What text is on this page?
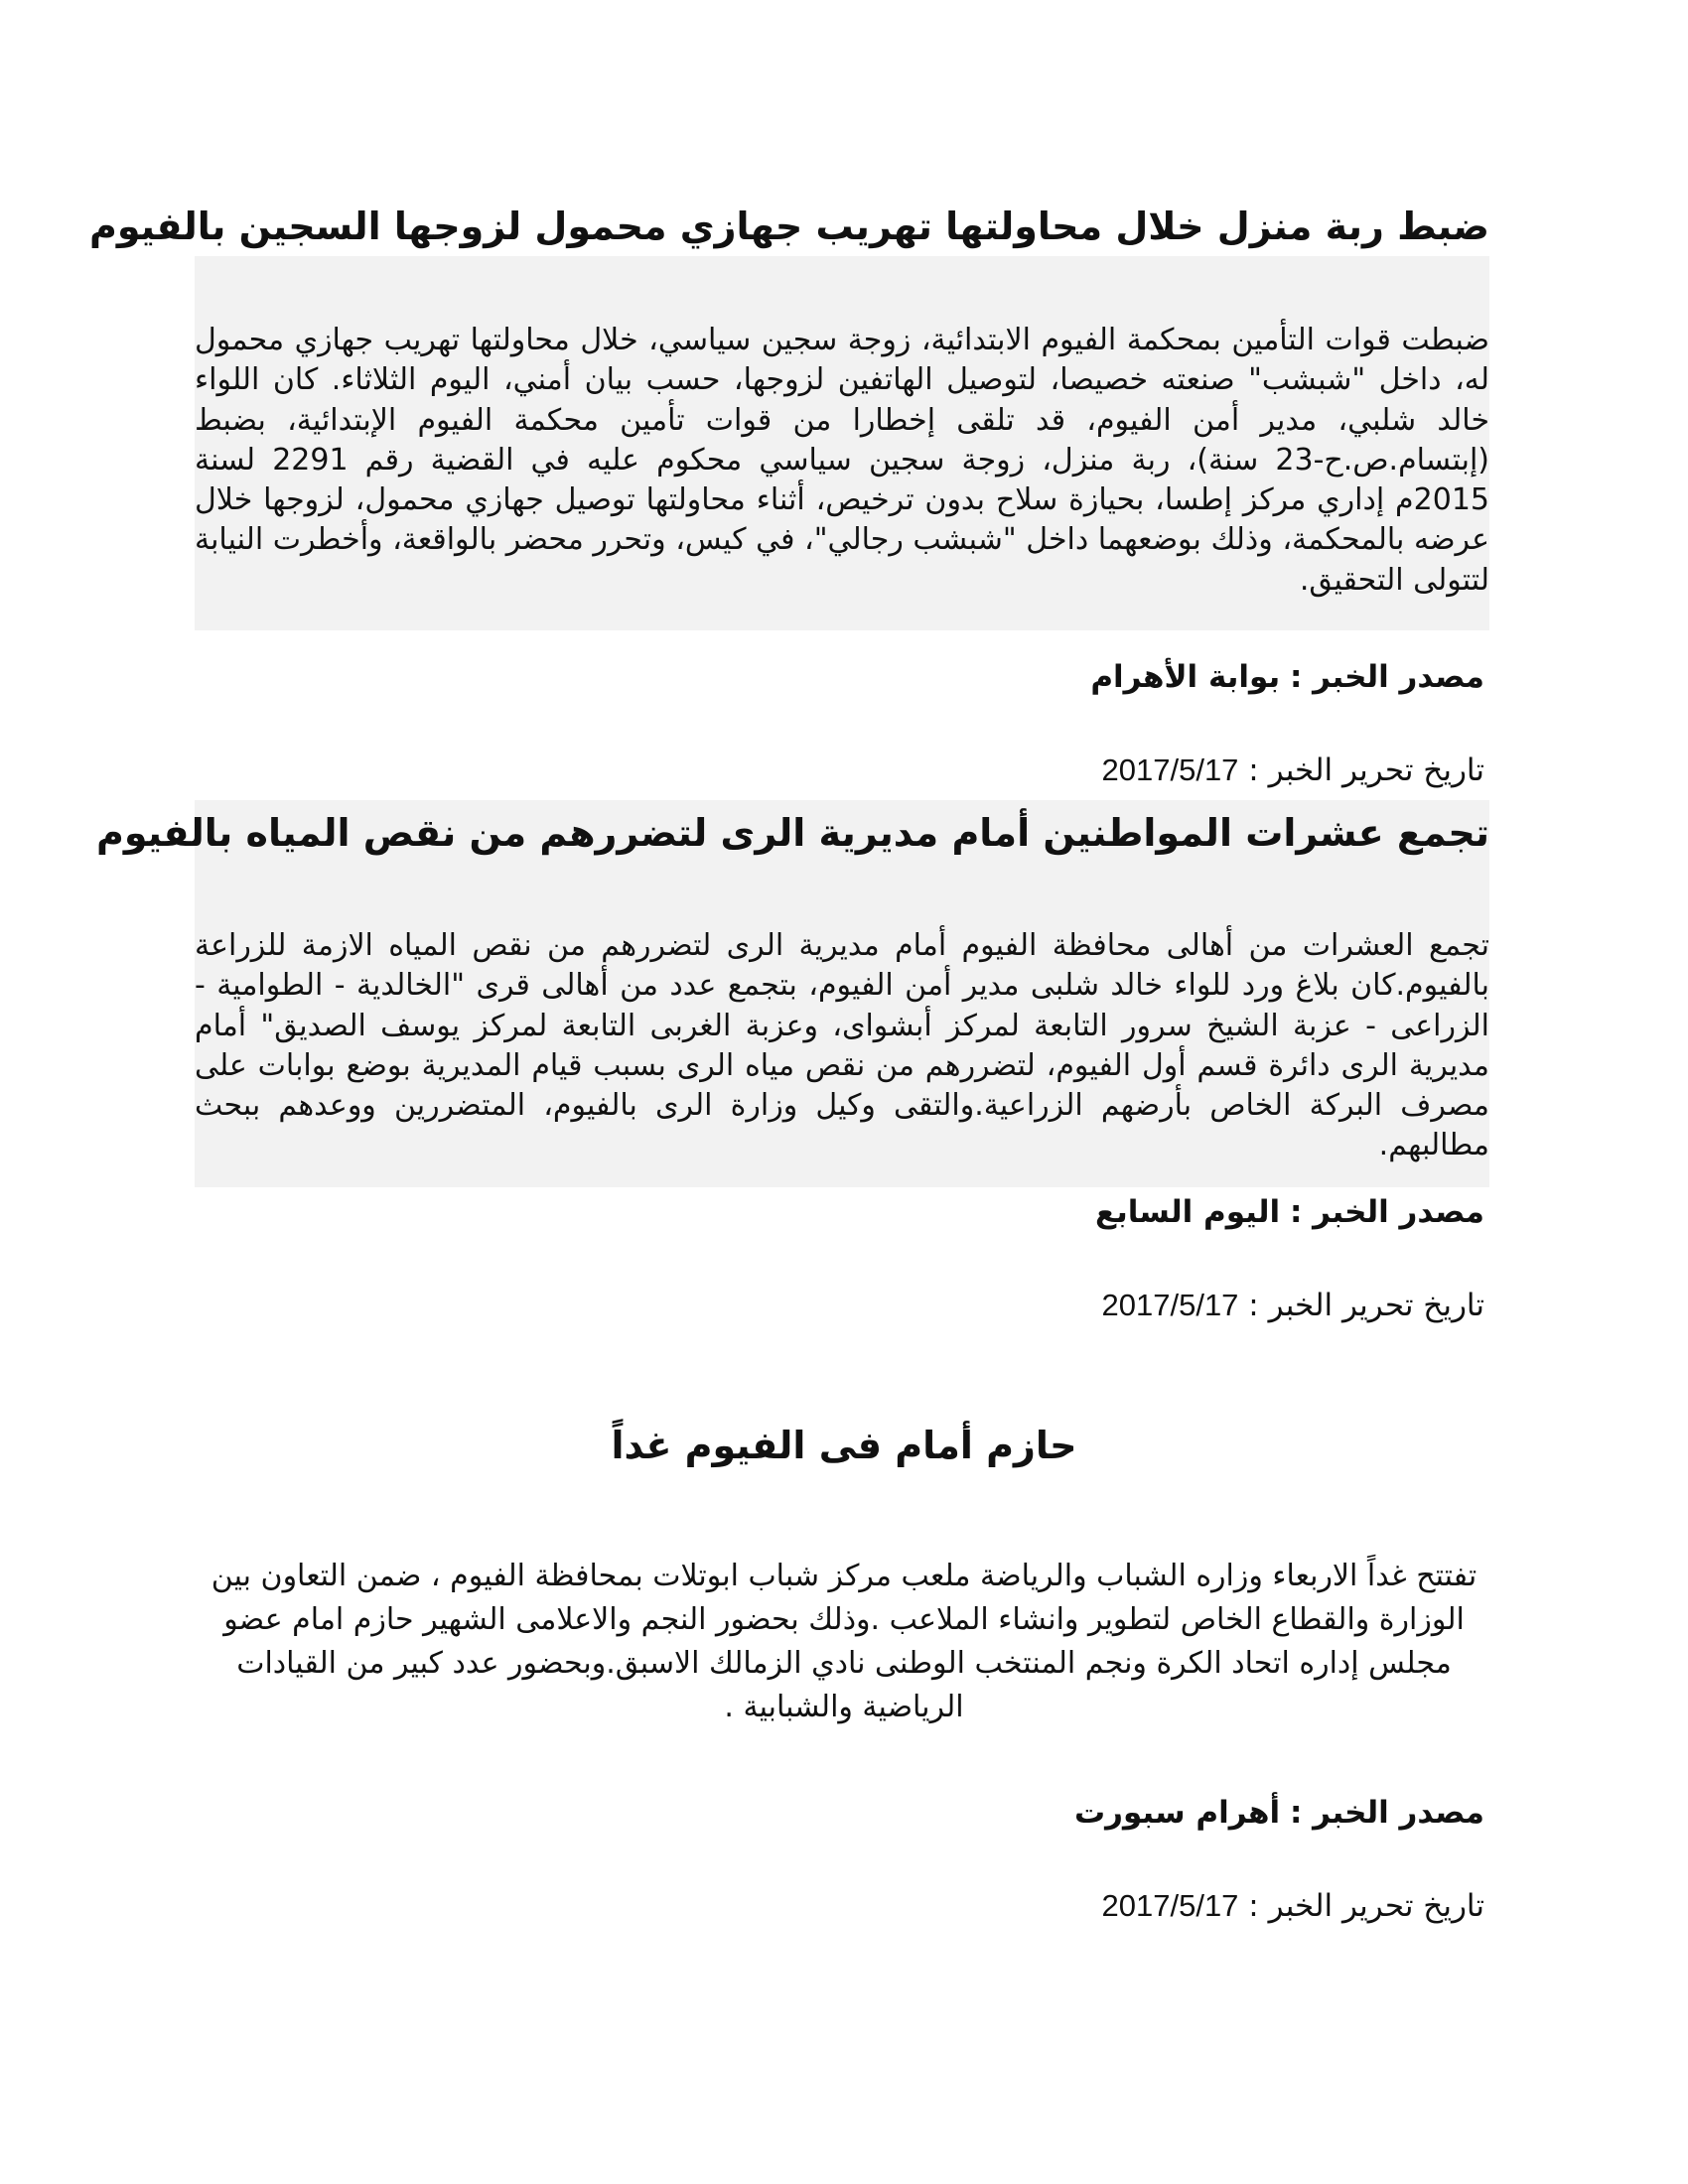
ضبط ربة منزل خلال محاولتها تهريب جهازي محمول لزوجها السجين بالفيوم

ضبطت قوات التأمين بمحكمة الفيوم الابتدائية، زوجة سجين سياسي، خلال محاولتها تهريب جهازي محمول له، داخل "شبشب" صنعته خصيصا، لتوصيل الهاتفين لزوجها، حسب بيان أمني، اليوم الثلاثاء. كان اللواء خالد شلبي، مدير أمن الفيوم، قد تلقى إخطارا من قوات تأمين محكمة الفيوم الإبتدائية، بضبط (إبتسام.ص.ح-23 سنة)، ربة منزل، زوجة سجين سياسي محكوم عليه في القضية رقم 2291 لسنة 2015م إداري مركز إطسا، بحيازة سلاح بدون ترخيص، أثناء محاولتها توصيل جهازي محمول، لزوجها خلال عرضه بالمحكمة، وذلك بوضعهما داخل "شبشب رجالي"، في كيس، وتحرر محضر بالواقعة، وأخطرت النيابة لتتولى التحقيق.

مصدر الخبر : بوابة الأهرام
تاريخ تحرير الخبر : 2017/5/17
تجمع عشرات المواطنين أمام مديرية الرى لتضررهم من نقص المياه بالفيوم

تجمع العشرات من أهالى محافظة الفيوم أمام مديرية الرى لتضررهم من نقص المياه الازمة للزراعة بالفيوم.كان بلاغ ورد للواء خالد شلبى مدير أمن الفيوم، بتجمع عدد من أهالى قرى "الخالدية - الطوامية - الزراعى - عزبة الشيخ سرور التابعة لمركز أبشواى، وعزبة الغربى التابعة لمركز يوسف الصديق" أمام مديرية الرى دائرة قسم أول الفيوم، لتضررهم من نقص مياه الرى بسبب قيام المديرية بوضع بوابات على مصرف البركة الخاص بأرضهم الزراعية.والتقى وكيل وزارة الرى بالفيوم، المتضررين ووعدهم ببحث مطالبهم.

مصدر الخبر : اليوم السابع
تاريخ تحرير الخبر : 2017/5/17
حازم أمام فى الفيوم غداً

تفتتح غداً الاربعاء وزاره الشباب والرياضة ملعب مركز شباب ابوتلات بمحافظة الفيوم ، ضمن التعاون بين الوزارة والقطاع الخاص لتطوير وانشاء الملاعب .وذلك بحضور النجم والاعلامى الشهير حازم امام عضو مجلس إداره اتحاد الكرة ونجم المنتخب الوطنى نادي الزمالك الاسبق.وبحضور عدد كبير من القيادات الرياضية والشبابية .

مصدر الخبر : أهرام سبورت
تاريخ تحرير الخبر : 2017/5/17
